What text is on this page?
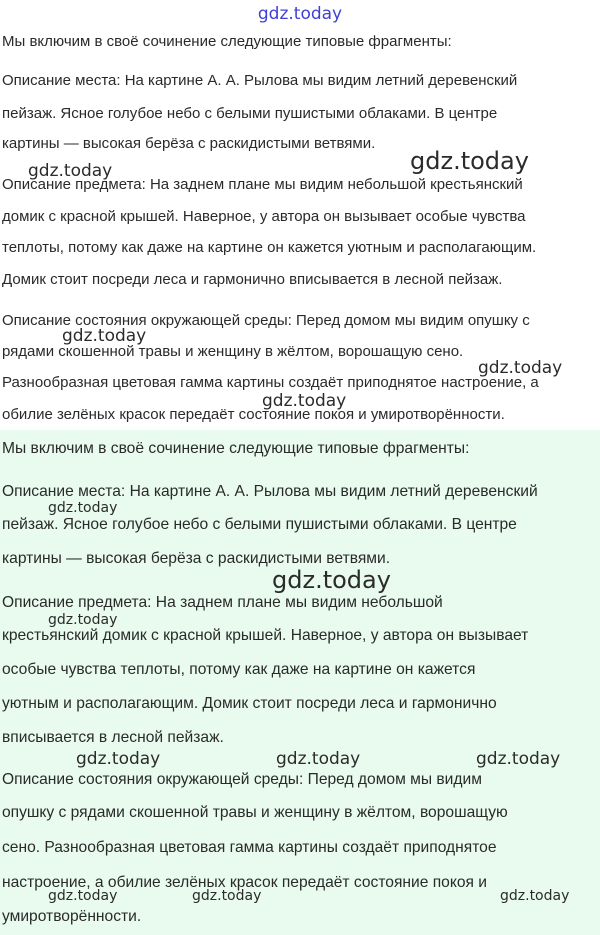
gdz.today
Мы включим в своё сочинение следующие типовые фрагменты:
Описание места: На картине А. А. Рылова мы видим летний деревенский
пейзаж. Ясное голубое небо с белыми пушистыми облаками. В центре
картины — высокая берёза с раскидистыми ветвями.
Описание предмета: На заднем плане мы видим небольшой крестьянский
домик с красной крышей. Наверное, у автора он вызывает особые чувства
теплоты, потому как даже на картине он кажется уютным и располагающим.
Домик стоит посреди леса и гармонично вписывается в лесной пейзаж.
Описание состояния окружающей среды: Перед домом мы видим опушку с
рядами скошенной травы и женщину в жёлтом, ворошащую сено.
Разнообразная цветовая гамма картины создаёт приподнятое настроение, а
обилие зелёных красок передаёт состояние покоя и умиротворённости.
gdz.today
gdz.today
gdz.today
gdz.today
gdz.today
Мы включим в своё сочинение следующие типовые фрагменты:
Описание места: На картине А. А. Рылова мы видим летний деревенский
пейзаж. Ясное голубое небо с белыми пушистыми облаками. В центре
картины — высокая берёза с раскидистыми ветвями.
Описание предмета: На заднем плане мы видим небольшой
крестьянский домик с красной крышей. Наверное, у автора он вызывает
особые чувства теплоты, потому как даже на картине он кажется
уютным и располагающим. Домик стоит посреди леса и гармонично
вписывается в лесной пейзаж.
Описание состояния окружающей среды: Перед домом мы видим
опушку с рядами скошенной травы и женщину в жёлтом, ворошащую
сено. Разнообразная цветовая гамма картины создаёт приподнятое
настроение, а обилие зелёных красок передаёт состояние покоя и
умиротворённости.
gdz.today
gdz.today
gdz.today
gdz.today	gdz.today	gdz.today
gdz.today	gdz.today	gdz.today
